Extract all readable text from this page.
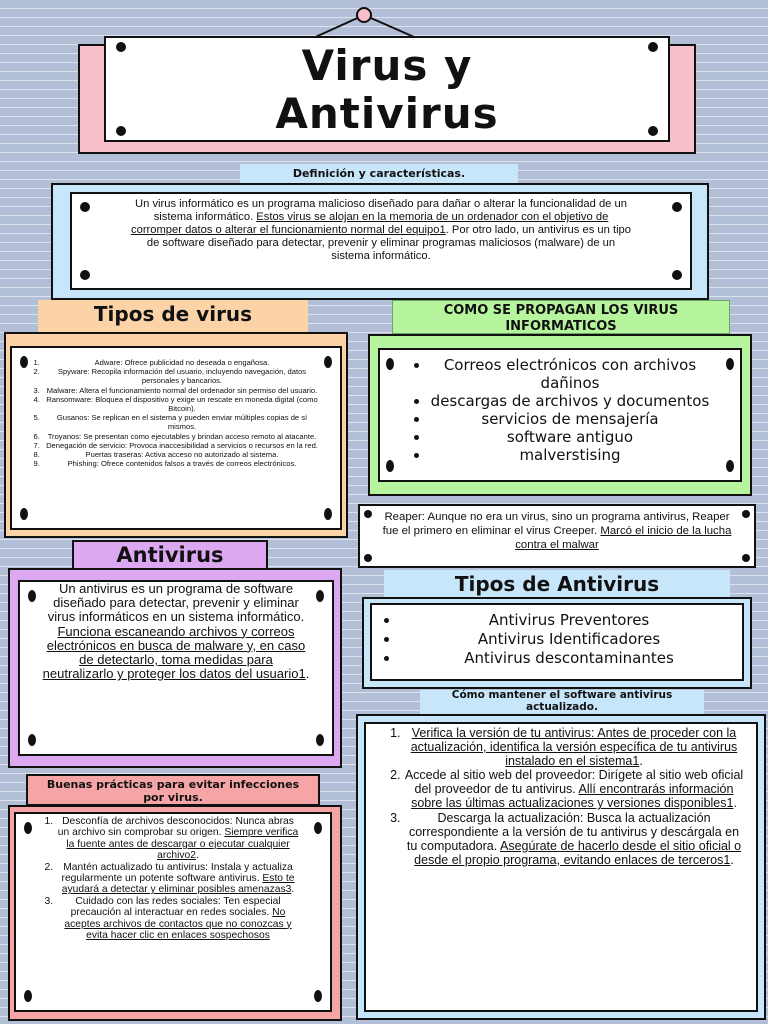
Virus y
Antivirus
Definición y características.
Un virus informático es un programa malicioso diseñado para dañar o alterar la funcionalidad de un sistema informático. Estos virus se alojan en la memoria de un ordenador con el objetivo de corromper datos o alterar el funcionamiento normal del equipo1. Por otro lado, un antivirus es un tipo de software diseñado para detectar, prevenir y eliminar programas maliciosos (malware) de un sistema informático.
Tipos de virus
1. Adware: Ofrece publicidad no deseada o engañosa.
2. Spyware: Recopila información del usuario, incluyendo navegación, datos personales y bancarios.
3. Malware: Altera el funcionamiento normal del ordenador sin permiso del usuario.
4. Ransomware: Bloquea el dispositivo y exige un rescate en moneda digital (como Bitcoin).
5. Gusanos: Se replican en el sistema y pueden enviar múltiples copias de sí mismos.
6. Troyanos: Se presentan como ejecutables y brindan acceso remoto al atacante.
7. Denegación de servicio: Provoca inaccesibilidad a servicios o recursos en la red.
8. Puertas traseras: Activa acceso no autorizado al sistema.
9. Phishing: Ofrece contenidos falsos a través de correos electrónicos.
COMO SE PROPAGAN LOS VIRUS INFORMATICOS
• Correos electrónicos con archivos dañinos
• descargas de archivos y documentos
• servicios de mensajería
• software antiguo
• malverstising
Reaper: Aunque no era un virus, sino un programa antivirus, Reaper fue el primero en eliminar el virus Creeper. Marcó el inicio de la lucha contra el malwar
Antivirus
Un antivirus es un programa de software diseñado para detectar, prevenir y eliminar virus informáticos en un sistema informático. Funciona escaneando archivos y correos electrónicos en busca de malware y, en caso de detectarlo, toma medidas para neutralizarlo y proteger los datos del usuario1.
Tipos de Antivirus
• Antivirus Preventores
• Antivirus Identificadores
• Antivirus descontaminantes
Buenas prácticas para evitar infecciones por virus.
1. Desconfía de archivos desconocidos: Nunca abras un archivo sin comprobar su origen. Siempre verifica la fuente antes de descargar o ejecutar cualquier archivo2.
2. Mantén actualizado tu antivirus: Instala y actualiza regularmente un potente software antivirus. Esto te ayudará a detectar y eliminar posibles amenazas3.
3. Cuidado con las redes sociales: Ten especial precaución al interactuar en redes sociales. No aceptes archivos de contactos que no conozcas y evita hacer clic en enlaces sospechosos
Cómo mantener el software antivirus actualizado.
1. Verifica la versión de tu antivirus: Antes de proceder con la actualización, identifica la versión específica de tu antivirus instalado en el sistema1.
2. Accede al sitio web del proveedor: Dirígete al sitio web oficial del proveedor de tu antivirus. Allí encontrarás información sobre las últimas actualizaciones y versiones disponibles1.
3. Descarga la actualización: Busca la actualización correspondiente a la versión de tu antivirus y descárgala en tu computadora. Asegúrate de hacerlo desde el sitio oficial o desde el propio programa, evitando enlaces de terceros1.
